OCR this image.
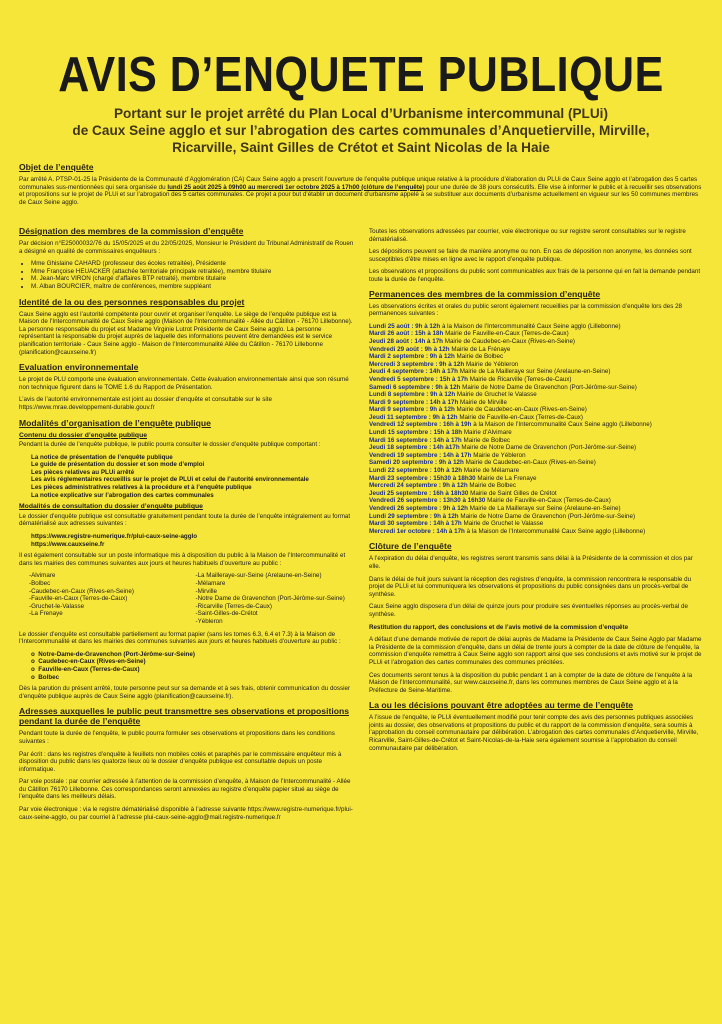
AVIS D’ENQUETE PUBLIQUE
Portant sur le projet arrêté du Plan Local d’Urbanisme intercommunal (PLUi)
de Caux Seine agglo et sur l’abrogation des cartes communales d’Anquetierville, Mirville,
Ricarville, Saint Gilles de Crétot et Saint Nicolas de la Haie
Objet de l’enquête

Par arrêté A. PTSP-01-25 la Présidente de la Communauté d’Agglomération (CA) Caux Seine agglo a prescrit l’ouverture de l’enquête publique unique relative à la procédure d’élaboration du PLUi de Caux Seine agglo et l’abrogation des 5 cartes communales sus-mentionnées qui sera organisée du lundi 25 août 2025 à 09h00 au mercredi 1er octobre 2025 à 17h00 (clôture de l’enquête) pour une durée de 38 jours consécutifs. Elle vise à informer le public et à recueillir ses observations et propositions sur le projet de PLUi et sur l’abrogation des 5 cartes communales. Ce projet a pour but d’établir un document d’urbanisme appelé à se substituer aux documents d’urbanisme actuellement en vigueur sur les 50 communes membres de Caux Seine agglo.

Désignation des membres de la commission d’enquête

Par décision n°E25000032/76 du 15/05/2025 et du 22/05/2025, Monsieur le Président du Tribunal Administratif de Rouen a désigné en qualité de commissaires enquêteurs :

• Mme Ghislaine CAHARD (professeur des écoles retraitée), Présidente
• Mme Françoise HEUACKER (attachée territoriale principale retraitée), membre titulaire
• M. Jean-Marc VIRON (chargé d’affaires BTP retraité), membre titulaire
• M. Alban BOURCIER, maître de conférences, membre suppléant
Identité de la ou des personnes responsables du projet

Caux Seine agglo est l’autorité compétente pour ouvrir et organiser l’enquête. Le siège de l’enquête publique est la Maison de l’Intercommunalité de Caux Seine agglo (Maison de l’Intercommunalité - Allée du Câtillon - 76170 Lillebonne). La personne responsable du projet est Madame Virginie Lutrot Présidente de Caux Seine agglo. La personne représentant la responsable du projet auprès de laquelle des informations peuvent être demandées est le service planification territoriale - Caux Seine agglo - Maison de l’Intercommunalité Allée du Câtillon - 76170 Lillebonne (planification@cauxseine.fr)

Evaluation environnementale

Le projet de PLU comporte une évaluation environnementale. Cette évaluation environnementale ainsi que son résumé non technique figurent dans le TOME 1.6 du Rapport de Présentation.

L’avis de l’autorité environnementale est joint au dossier d’enquête et consultable sur le site https://www.mrae.developpement-durable.gouv.fr

Modalités d’organisation de l’enquête publique
Contenu du dossier d’enquête publique

Pendant la durée de l’enquête publique, le public pourra consulter le dossier d’enquête publique comportant :

La notice de présentation de l’enquête publique
Le guide de présentation du dossier et son mode d’emploi
Les pièces relatives au PLUi arrêté
Les avis réglementaires recueillis sur le projet de PLUi et celui de l’autorité environnementale
Les pièces administratives relatives à la procédure et à l’enquête publique
La notice explicative sur l’abrogation des cartes communales
Modalités de consultation du dossier d’enquête publique

Le dossier d’enquête publique est consultable gratuitement pendant toute la durée de l’enquête intégralement au format dématérialisé aux adresses suivantes :

https://www.registre-numerique.fr/plui-caux-seine-agglo
https://www.cauxseine.fr

Il est également consultable sur un poste informatique mis à disposition du public à la Maison de l’Intercommunalité et dans les mairies des communes suivantes aux jours et heures habituels d’ouverture au public :

-Alvimare
-Bolbec
-Caudebec-en-Caux (Rives-en-Seine)
-Fauville-en-Caux (Terres-de-Caux)
-Gruchet-le-Valasse
-La Frenaye
-La Mailleraye-sur-Seine (Arelaune-en-Seine)
-Mélamare
-Mirville
-Notre Dame de Gravenchon (Port-Jérôme-sur-Seine)
-Ricarville (Terres-de-Caux)
-Saint-Gilles-de-Crétot
-Yébleron

Le dossier d’enquête est consultable partiellement au format papier (sans les tomes 6.3, 6.4 et 7.3) à la Maison de l’Intercommunalité et dans les mairies des communes suivantes aux jours et heures habituels d’ouverture au public :

o  Notre-Dame-de-Gravenchon (Port-Jérôme-sur-Seine)
o  Caudebec-en-Caux (Rives-en-Seine)
o  Fauville-en-Caux (Terres-de-Caux)
o  Bolbec

Dès la parution du présent arrêté, toute personne peut sur sa demande et à ses frais, obtenir communication du dossier d’enquête publique auprès de Caux Seine agglo (planification@cauxseine.fr).

Adresses auxquelles le public peut transmettre ses observations et propositions pendant la durée de l’enquête

Pendant toute la durée de l’enquête, le public pourra formuler ses observations et propositions dans les conditions suivantes :

Par écrit : dans les registres d’enquête à feuillets non mobiles cotés et paraphés par le commissaire enquêteur mis à disposition du public dans les quatorze lieux où le dossier d’enquête publique est consultable depuis un poste informatique.

Par voie postale : par courrier adressée à l’attention de la commission d’enquête, à Maison de l’Intercommunalité - Allée du Câtillon 76170 Lillebonne. Ces correspondances seront annexées au registre d’enquête papier situé au siège de l’enquête dans les meilleurs délais.

Par voie électronique : via le registre dématérialisé disponible à l’adresse suivante https://www.registre-numerique.fr/plui-caux-seine-agglo, ou par courriel à l’adresse plui-caux-seine-agglo@mail.registre-numerique.fr

Toutes les observations adressées par courrier, voie électronique ou sur registre seront consultables sur le registre dématérialisé.

Les dépositions peuvent se faire de manière anonyme ou non. En cas de déposition non anonyme, les données sont susceptibles d’être mises en ligne avec le rapport d’enquête publique.

Les observations et propositions du public sont communicables aux frais de la personne qui en fait la demande pendant toute la durée de l’enquête.

Permanences des membres de la commission d’enquête

Les observations écrites et orales du public seront également recueillies par la commission d’enquête lors des 28 permanences suivantes :

Lundi 25 août : 9h à 12h à la Maison de l’Intercommunalité Caux Seine agglo (Lillebonne)
Mardi 26 août : 15h à 18h Mairie de Fauville-en-Caux (Terres-de-Caux)
Jeudi 28 août : 14h à 17h Mairie de Caudebec-en-Caux (Rives-en-Seine)
Vendredi 29 août : 9h à 12h Mairie de La Frénaye
Mardi 2 septembre : 9h à 12h Mairie de Bolbec
Mercredi 3 septembre : 9h à 12h Mairie de Yébleron
Jeudi 4 septembre : 14h à 17h Mairie de La Mailleraye sur Seine (Arelaune-en-Seine)
Vendredi 5 septembre : 15h à 17h Mairie de Ricarville (Terres-de-Caux)
Samedi 6 septembre : 9h à 12h Mairie de Notre Dame de Gravenchon (Port-Jérôme-sur-Seine)
Lundi 8 septembre : 9h à 12h Mairie de Gruchet le Valasse
Mardi 9 septembre : 14h à 17h Mairie de Mirville
Mardi 9 septembre : 9h à 12h Mairie de Caudebec-en-Caux (Rives-en-Seine)
Jeudi 11 septembre : 9h à 12h Mairie de Fauville-en-Caux (Terres-de-Caux)
Vendredi 12 septembre : 16h à 19h à la Maison de l’Intercommunalité Caux Seine agglo (Lillebonne)
Lundi 15 septembre : 15h à 18h Mairie d’Alvimare
Mardi 16 septembre : 14h à 17h Mairie de Bolbec
Jeudi 18 septembre : 14h à17h Mairie de Notre Dame de Gravenchon (Port-Jérôme-sur-Seine)
Vendredi 19 septembre : 14h à 17h Mairie de Yébleron
Samedi 20 septembre : 9h à 12h Mairie de Caudebec-en-Caux (Rives-en-Seine)
Lundi 22 septembre : 10h à 12h Mairie de Mélamare
Mardi 23 septembre : 15h30 à 18h30 Mairie de La Frenaye
Mercredi 24 septembre : 9h à 12h Mairie de Bolbec
Jeudi 25 septembre : 16h à 18h30 Mairie de Saint Gilles de Crétot
Vendredi 26 septembre : 13h30 à 16h30 Mairie de Fauville-en-Caux (Terres-de-Caux)
Vendredi 26 septembre : 9h à 12h Mairie de La Mailleraye sur Seine (Arelaune-en-Seine)
Lundi 29 septembre : 9h à 12h Mairie de Notre Dame de Gravenchon (Port-Jérôme-sur-Seine)
Mardi 30 septembre : 14h à 17h Mairie de Gruchet le Valasse
Mercredi 1er octobre : 14h à 17h à la Maison de l’Intercommunalité Caux Seine agglo (Lillebonne)
Clôture de l’enquête

A l’expiration du délai d’enquête, les registres seront transmis sans délai à la Présidente de la commission et clos par elle.

Dans le délai de huit jours suivant la réception des registres d’enquête, la commission rencontrera le responsable du projet de PLUi et lui communiquera les observations et propositions du public consignées dans un procès-verbal de synthèse.

Caux Seine agglo disposera d’un délai de quinze jours pour produire ses éventuelles réponses au procès-verbal de synthèse.

Restitution du rapport, des conclusions et de l’avis motivé de la commission d’enquête

A défaut d’une demande motivée de report de délai auprès de Madame la Présidente de Caux Seine Agglo par Madame la Présidente de la commission d’enquête, dans un délai de trente jours à compter de la date de clôture de l’enquête, la commission d’enquête remettra à Caux Seine agglo son rapport ainsi que ses conclusions et avis motivé sur le projet de PLUi et l’abrogation des cartes communales des communes précitées.

Ces documents seront tenus à la disposition du public pendant 1 an à compter de la date de clôture de l’enquête à la Maison de l’Intercommunalité, sur www.cauxseine.fr, dans les communes membres de Caux Seine agglo et à la Préfecture de Seine-Maritime.

La ou les décisions pouvant être adoptées au terme de l’enquête

A l’issue de l’enquête, le PLUi éventuellement modifié pour tenir compte des avis des personnes publiques associées joints au dossier, des observations et propositions du public et du rapport de la commission d’enquête, sera soumis à l’approbation du conseil communautaire par délibération. L’abrogation des cartes communales d’Anquetierville, Mirville, Ricarville, Saint-Gilles-de-Crétot et Saint-Nicolas-de-la-Haie sera également soumise à l’approbation du conseil communautaire par délibération.
